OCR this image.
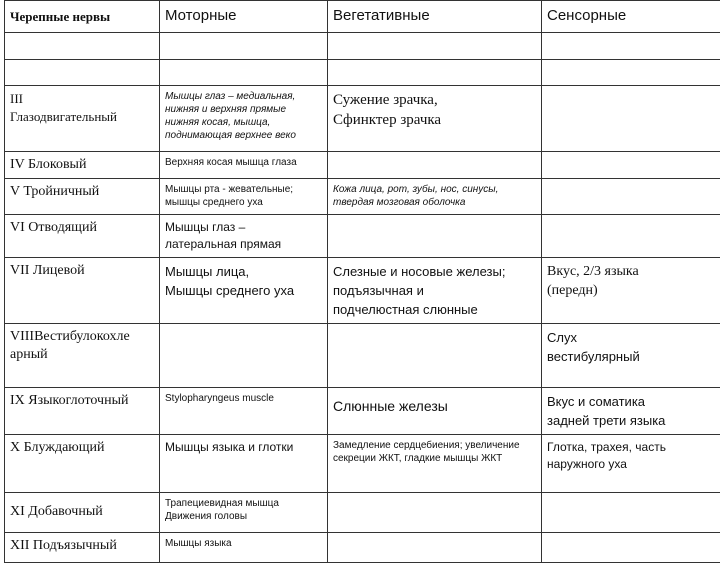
Черепные нервы	Моторные	Вегетативные	Сенсорные

III
Глазодвигательный	Мышцы глаз – медиальная,
нижняя и верхняя прямые
нижняя косая, мышца,
поднимающая верхнее веко	Сужение зрачка,
Сфинктер зрачка	

IV Блоковый	Верхняя косая мышца глаза		

V Тройничный	Мышцы рта - жевательные;
мышцы среднего уха	Кожа лица, рот, зубы, нос, синусы,
твердая мозговая оболочка	

VI Отводящий	Мышцы глаз –
латеральная прямая		

VII Лицевой	Мышцы лица,
Мышцы среднего уха	Слезные и носовые железы;
подъязычная и
подчелюстная слюнные	Вкус, 2/3 языка
(передн)

VIIIВестибулокохле
арный			Слух
вестибулярный

IX Языкоглоточный	Stylopharyngeus muscle	Слюнные железы	Вкус и соматика
задней трети языка

X Блуждающий	Мышцы языка и глотки	Замедление сердцебиения; увеличение
секреции ЖКТ, гладкие мышцы ЖКТ	Глотка, трахея, часть
наружного уха

XI Добавочный	Трапециевидная мышца
Движения головы		

XII Подъязычный	Мышцы языка		
